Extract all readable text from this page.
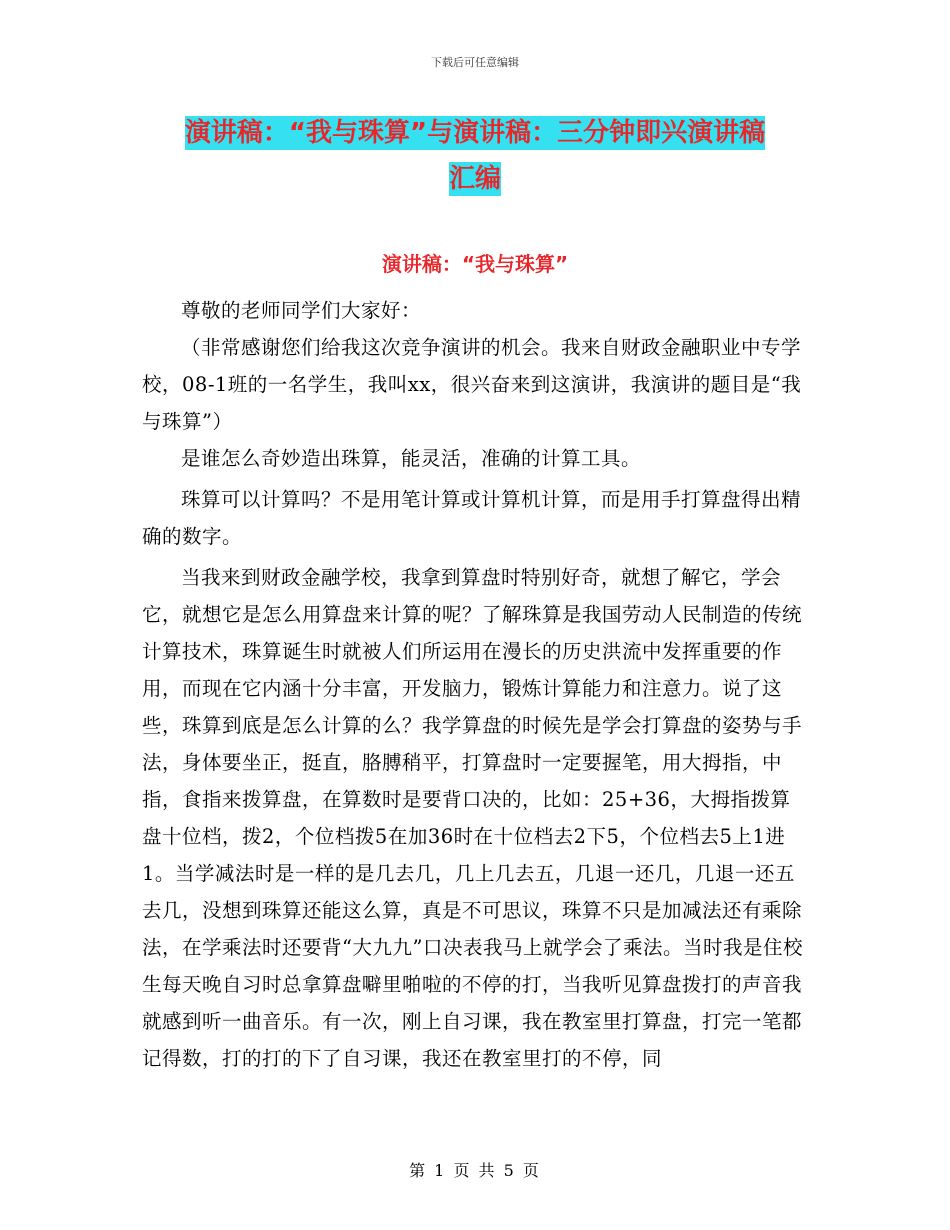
下载后可任意编辑
演讲稿：“我与珠算”与演讲稿：三分钟即兴演讲稿
汇编
演讲稿：“我与珠算”

尊敬的老师同学们大家好：

（非常感谢您们给我这次竞争演讲的机会。我来自财政金融职业中专学校，08-1班的一名学生，我叫xx，很兴奋来到这演讲，我演讲的题目是“我与珠算”）

是谁怎么奇妙造出珠算，能灵活，准确的计算工具。

珠算可以计算吗？不是用笔计算或计算机计算，而是用手打算盘得出精确的数字。

当我来到财政金融学校，我拿到算盘时特别好奇，就想了解它，学会它，就想它是怎么用算盘来计算的呢？了解珠算是我国劳动人民制造的传统计算技术，珠算诞生时就被人们所运用在漫长的历史洪流中发挥重要的作用，而现在它内涵十分丰富，开发脑力，锻炼计算能力和注意力。说了这些，珠算到底是怎么计算的么？我学算盘的时候先是学会打算盘的姿势与手法，身体要坐正，挺直，胳膊稍平，打算盘时一定要握笔，用大拇指，中指，食指来拨算盘，在算数时是要背口决的，比如：25+36，大拇指拨算盘十位档，拨2，个位档拨5在加36时在十位档去2下5，个位档去5上1进1。当学减法时是一样的是几去几，几上几去五，几退一还几，几退一还五去几，没想到珠算还能这么算，真是不可思议，珠算不只是加减法还有乘除法，在学乘法时还要背“大九九”口决表我马上就学会了乘法。当时我是住校生每天晚自习时总拿算盘噼里啪啦的不停的打，当我听见算盘拨打的声音我就感到听一曲音乐。有一次，刚上自习课，我在教室里打算盘，打完一笔都记得数，打的打的下了自习课，我还在教室里打的不停，同

第 1 页 共 5 页
